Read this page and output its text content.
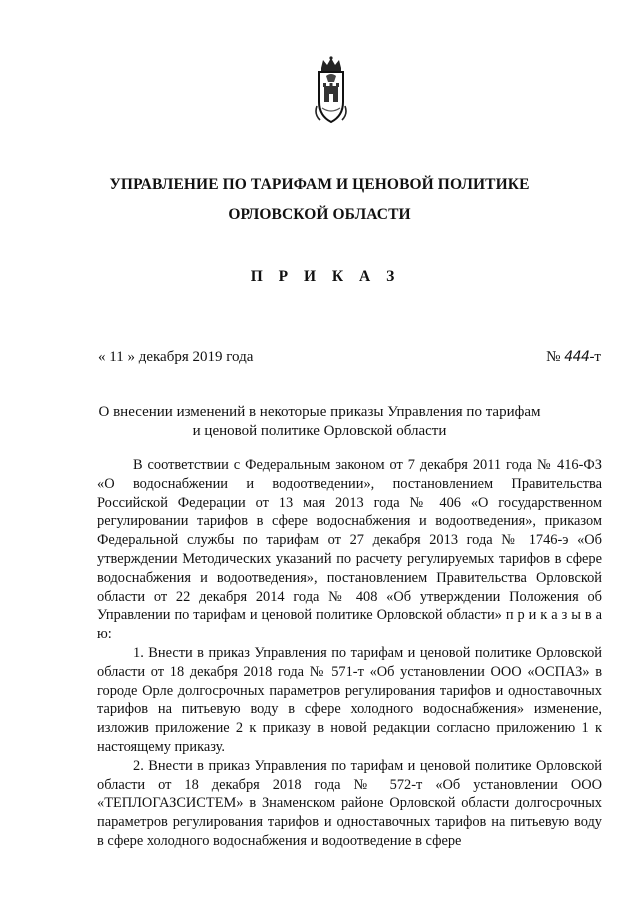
УПРАВЛЕНИЕ ПО ТАРИФАМ И ЦЕНОВОЙ ПОЛИТИКЕ
ОРЛОВСКОЙ ОБЛАСТИ
П Р И К А З
« 11 » декабря 2019 года	№ 444-т
О внесении изменений в некоторые приказы Управления по тарифам
и ценовой политике Орловской области

В соответствии с Федеральным законом от 7 декабря 2011 года № 416-ФЗ «О водоснабжении и водоотведении», постановлением Правительства Российской Федерации от 13 мая 2013 года № 406 «О государственном регулировании тарифов в сфере водоснабжения и водоотведения», приказом Федеральной службы по тарифам от 27 декабря 2013 года № 1746-э «Об утверждении Методических указаний по расчету регулируемых тарифов в сфере водоснабжения и водоотведения», постановлением Правительства Орловской области от 22 декабря 2014 года № 408 «Об утверждении Положения об Управлении по тарифам и ценовой политике Орловской области» п р и к а з ы в а ю:

1. Внести в приказ Управления по тарифам и ценовой политике Орловской области от 18 декабря 2018 года № 571-т «Об установлении ООО «ОСПАЗ» в городе Орле долгосрочных параметров регулирования тарифов и одноставочных тарифов на питьевую воду в сфере холодного водоснабжения» изменение, изложив приложение 2 к приказу в новой редакции согласно приложению 1 к настоящему приказу.

2. Внести в приказ Управления по тарифам и ценовой политике Орловской области от 18 декабря 2018 года № 572-т «Об установлении ООО «ТЕПЛОГАЗСИСТЕМ» в Знаменском районе Орловской области долгосрочных параметров регулирования тарифов и одноставочных тарифов на питьевую воду в сфере холодного водоснабжения и водоотведение в сфере
